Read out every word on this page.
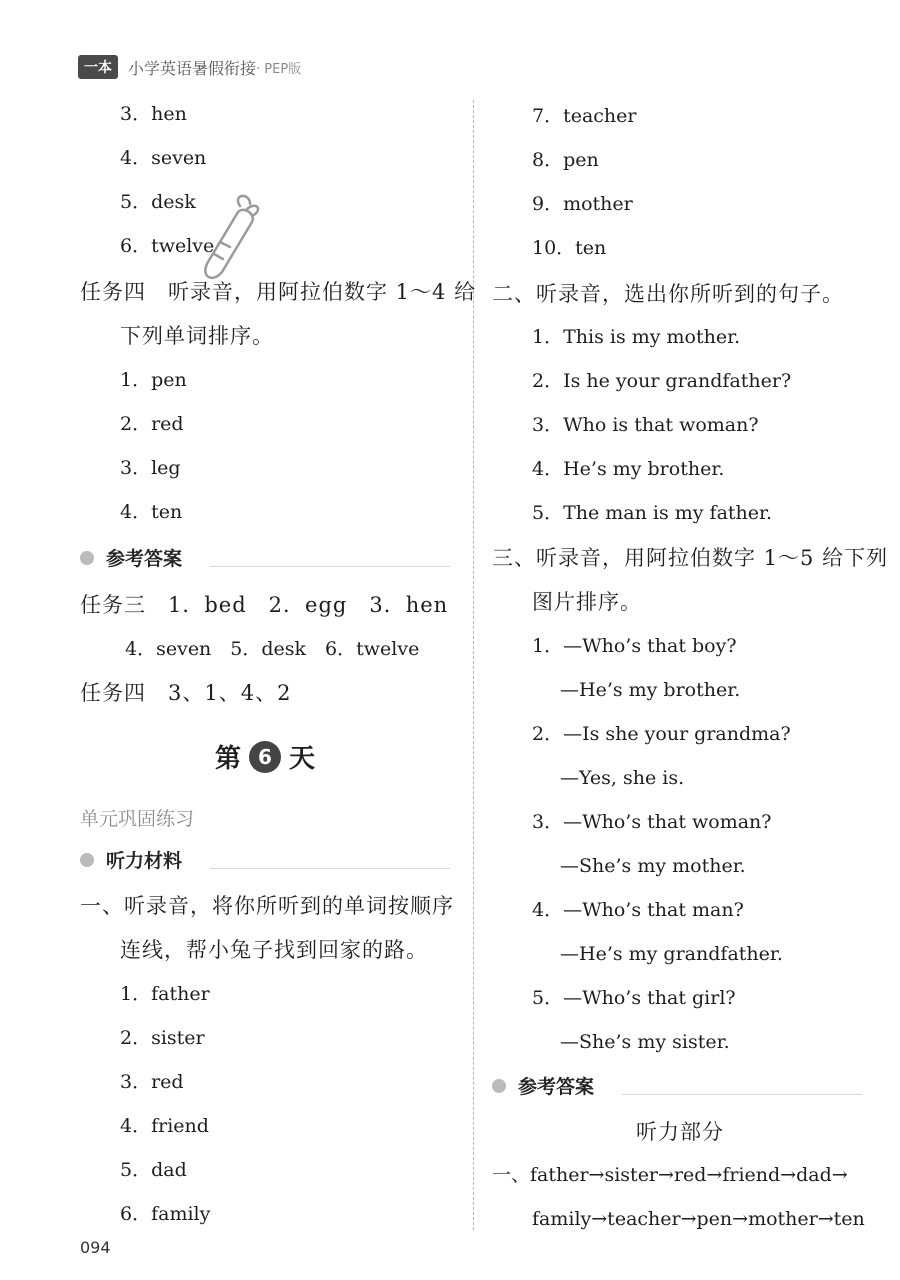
一本	小学英语暑假衔接 · PEP版
3．hen
4．seven
5．desk
6．twelve
任务四　听录音，用阿拉伯数字 1～4 给
下列单词排序。
1．pen
2．red
3．leg
4．ten
参考答案
任务三　1．bed　2．egg　3．hen
4．seven　5．desk　6．twelve
任务四　3、1、4、2
第 6 天
单元巩固练习
听力材料
一、听录音，将你所听到的单词按顺序
连线，帮小兔子找到回家的路。
1．father
2．sister
3．red
4．friend
5．dad
6．family
094
7．teacher
8．pen
9．mother
10．ten
二、听录音，选出你所听到的句子。
1．This is my mother.
2．Is he your grandfather?
3．Who is that woman?
4．He’s my brother.
5．The man is my father.
三、听录音，用阿拉伯数字 1～5 给下列
图片排序。
1．—Who’s that boy?
—He’s my brother.
2．—Is she your grandma?
—Yes, she is.
3．—Who’s that woman?
—She’s my mother.
4．—Who’s that man?
—He’s my grandfather.
5．—Who’s that girl?
—She’s my sister.
参考答案
听力部分
一、father→sister→red→friend→dad→
family→teacher→pen→mother→ten
